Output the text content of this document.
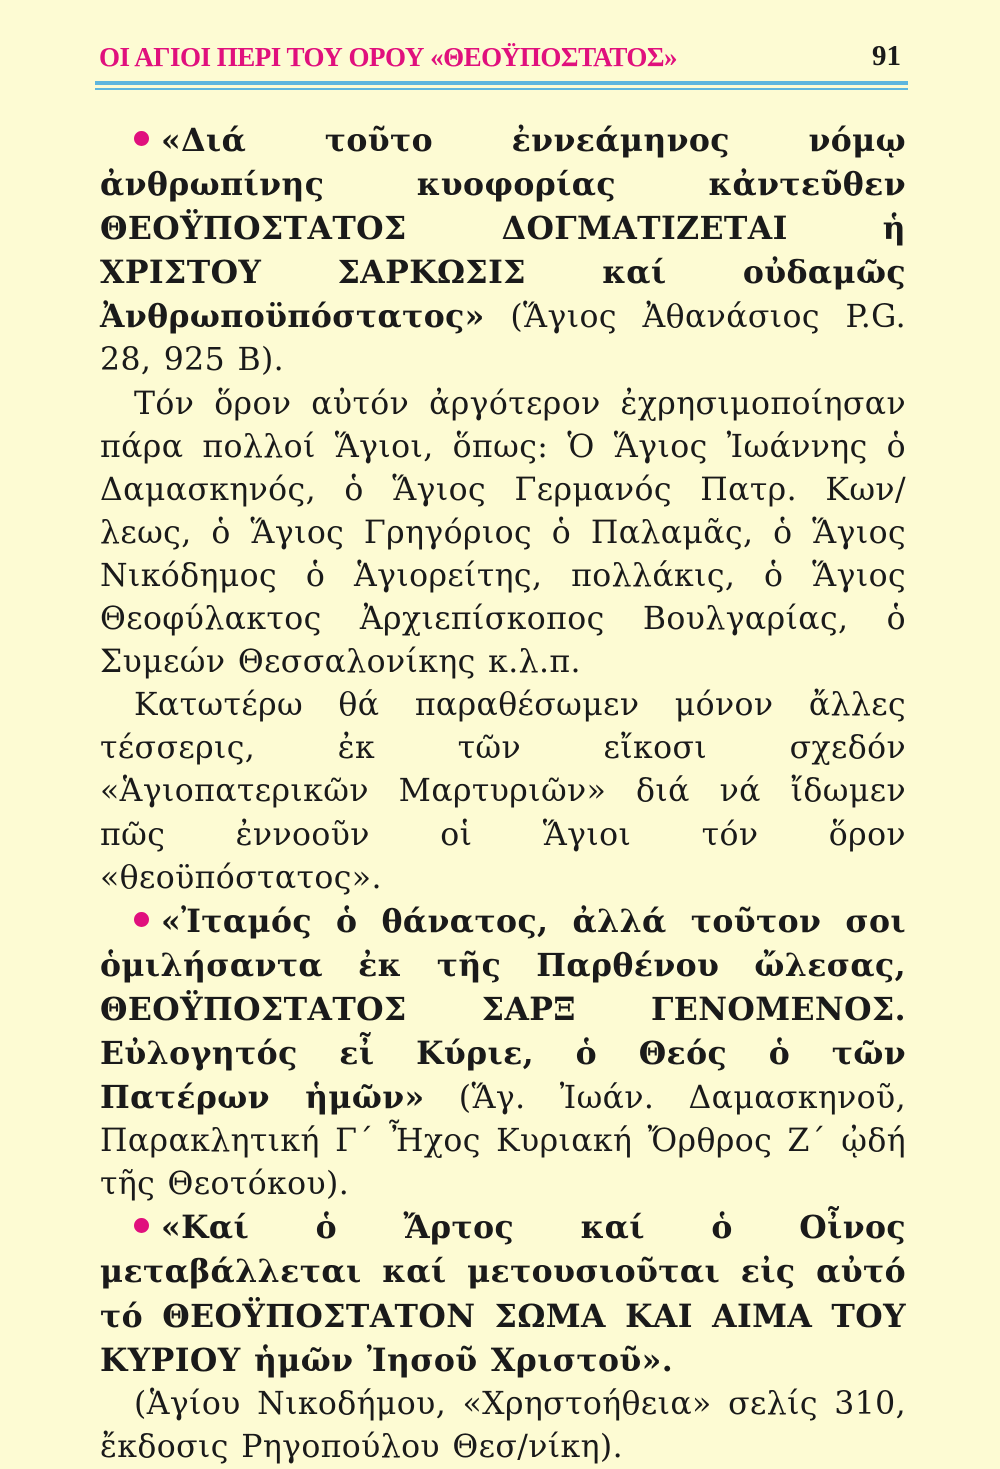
ΟΙ ΑΓΙΟΙ ΠΕΡΙ ΤΟΥ ΟΡΟΥ «ΘΕΟΫΠΟΣΤΑΤΟΣ»	91

«Διά τοῦτο ἐννεάμηνος νόμῳ ἀνθρωπίνης κυοφορίας κἀντεῦθεν ΘΕΟΫΠΟΣΤΑΤΟΣ ΔΟΓΜΑΤΙΖΕΤΑΙ ἡ ΧΡΙΣΤΟΥ ΣΑΡΚΩΣΙΣ καί οὐδαμῶς Ἀνθρωποϋπόστατος» (Ἅγιος Ἀθανάσιος P.G. 28, 925 B).

Τόν ὅρον αὐτόν ἀργότερον ἐχρησιμοποίησαν πάρα πολλοί Ἅγιοι, ὅπως: Ὁ Ἅγιος Ἰωάννης ὁ Δαμασκηνός, ὁ Ἅγιος Γερμανός Πατρ. Κων/λεως, ὁ Ἅγιος Γρηγόριος ὁ Παλαμᾶς, ὁ Ἅγιος Νικόδημος ὁ Ἁγιορείτης, πολλάκις, ὁ Ἅγιος Θεοφύλακτος Ἀρχιεπίσκοπος Βουλγαρίας, ὁ Συμεών Θεσσαλονίκης κ.λ.π.

Κατωτέρω θά παραθέσωμεν μόνον ἄλλες τέσσερις, ἐκ τῶν εἴκοσι σχεδόν «Ἁγιοπατερικῶν Μαρτυριῶν» διά νά ἴδωμεν πῶς ἐννοοῦν οἱ Ἅγιοι τόν ὅρον «θεοϋπόστατος».

«Ἰταμός ὁ θάνατος, ἀλλά τοῦτον σοι ὁμιλήσαντα ἐκ τῆς Παρθένου ὤλεσας, ΘΕΟΫΠΟΣΤΑΤΟΣ ΣΑΡΞ ΓΕΝΟΜΕΝΟΣ. Εὐλογητός εἶ Κύριε, ὁ Θεός ὁ τῶν Πατέρων ἡμῶν» (Ἅγ. Ἰωάν. Δαμασκηνοῦ, Παρακλητική Γ΄ Ἦχος Κυριακή Ὄρθρος Ζ΄ ᾠδή τῆς Θεοτόκου).

«Καί ὁ Ἄρτος καί ὁ Οἶνος μεταβάλλεται καί μετουσιοῦται εἰς αὐτό τό ΘΕΟΫΠΟΣΤΑΤΟΝ ΣΩΜΑ ΚΑΙ ΑΙΜΑ ΤΟΥ ΚΥΡΙΟΥ ἡμῶν Ἰησοῦ Χριστοῦ».

(Ἁγίου Νικοδήμου, «Χρηστοήθεια» σελίς 310, ἔκδοσις Ρηγοπούλου Θεσ/νίκη).
